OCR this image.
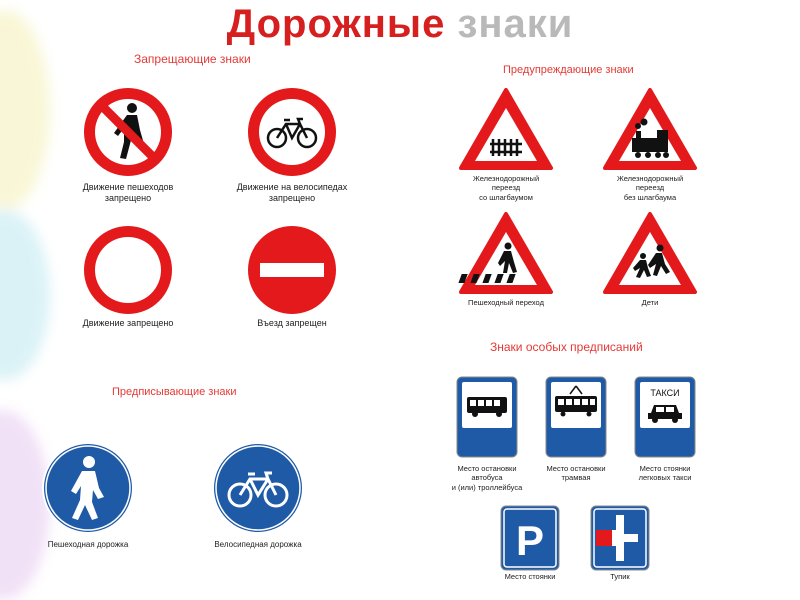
Дорожные знаки
Запрещающие знаки
Движение пешеходов
запрещено
Движение на велосипедах
запрещено
Движение запрещено	Въезд запрещен
Предупреждающие знаки
Железнодорожный
переезд
со шлагбаумом
Железнодорожный
переезд
без шлагбаума
Пешеходный переход	Дети
Предписывающие знаки
Пешеходная дорожка	Велосипедная дорожка
Знаки особых предписаний
Место остановки
автобуса
и (или) троллейбуса
Место остановки
трамвая
ТАКСИ
Место стоянки
легковых такси
P
Место стоянки	Тупик
